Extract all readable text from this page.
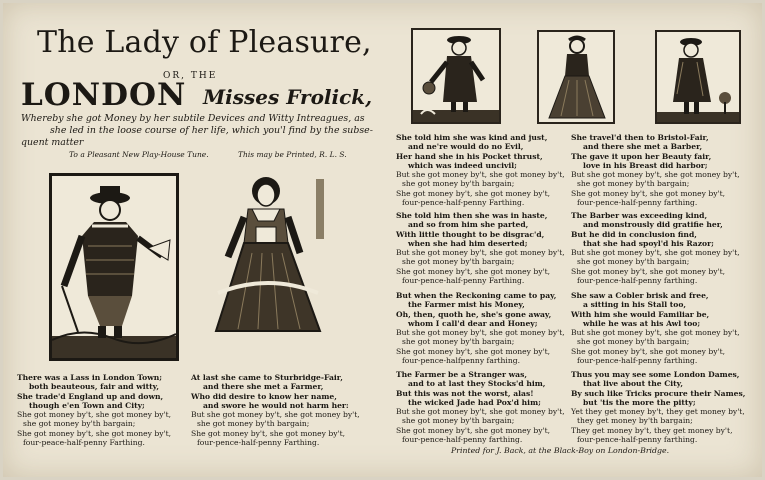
The Lady of Pleasure,
OR, THE
LONDON Misses Frolick,
Whereby she got Money by her subtile Devices and Witty Intreagues, as
she led in the loose course of her life, which you'l find by the subse-
quent matter
To a Pleasant New Play-House Tune.	This may be Printed, R. L. S.
There was a Lass in London Town;
both beauteous, fair and witty,
She trade'd England up and down,
though e'en Town and City;
She got money by't, she got money by't,
she got money by'th bargain;
She got money by't, she got money by't,
four-peace-half-penny Farthing.
At last she came to Sturbridge-Fair,
and there she met a Farmer,
Who did desire to know her name,
and swore he would not harm her:
But she got money by't, she got money by't,
she got money by'th bargain;
She got money by't, she got money by't,
four-pence-half-penny Farthing.
She told him she was kind and just,
and ne're would do no Evil,
Her hand she in his Pocket thrust,
which was indeed uncivil;
But she got money by't, she got money by't,
she got money by'th bargain;
She got money by't, she got money by't,
four-pence-half-penny Farthing.
She told him then she was in haste,
and so from him she parted,
With little thought to be disgrac'd,
when she had him deserted;
But she got money by't, she got money by't,
she got money by'th bargain;
She got money by't, she got money by't,
four-pence-half-penny Farthing.
But when the Reckoning came to pay,
the Farmer mist his Money,
Oh, then, quoth he, she's gone away,
whom I call'd dear and Honey;
But she got money by't, she got money by't,
she got money by'th bargain;
She got money by't, she got money by't,
four-pence-halfpenny farthing.
The Farmer be a Stranger was,
and to at last they Stocks'd him,
But this was not the worst, alas!
the wicked Jade had Pox'd him;
But she got money by't, she got money by't,
she got money by'th bargain;
She got money by't, she got money by't,
four-pence-half-penny farthing.
She travel'd then to Bristol-Fair,
and there she met a Barber,
The gave it upon her Beauty fair,
love in his Breast did harbor;
But she got money by't, she got money by't,
she got money by'th bargain;
She got money by't, she got money by't,
four-pence-half-penny farthing.
The Barber was exceeding kind,
and monstrously did gratifie her,
But he did in conclusion find,
that she had spoyl'd his Razor;
But she got money by't, she got money by't,
she got money by'th bargain;
She got money by't, she got money by't,
four-pence-half-penny farthing.
She saw a Cobler brisk and free,
a sitting in his Stall too,
With him she would Familiar be,
while he was at his Awl too;
But she got money by't, she got money by't,
she got money by'th bargain;
She got money by't, she got money by't,
four-pence-half-penny farthing.
Thus you may see some London Dames,
that live about the City,
By such like Tricks procure their Names,
but 'tis the more the pitty;
Yet they get money by't, they get money by't,
they get money by'th bargain;
They get money by't, they get money by't,
four-pence-half-penny farthing.
Printed for J. Back, at the Black-Boy on London-Bridge.
